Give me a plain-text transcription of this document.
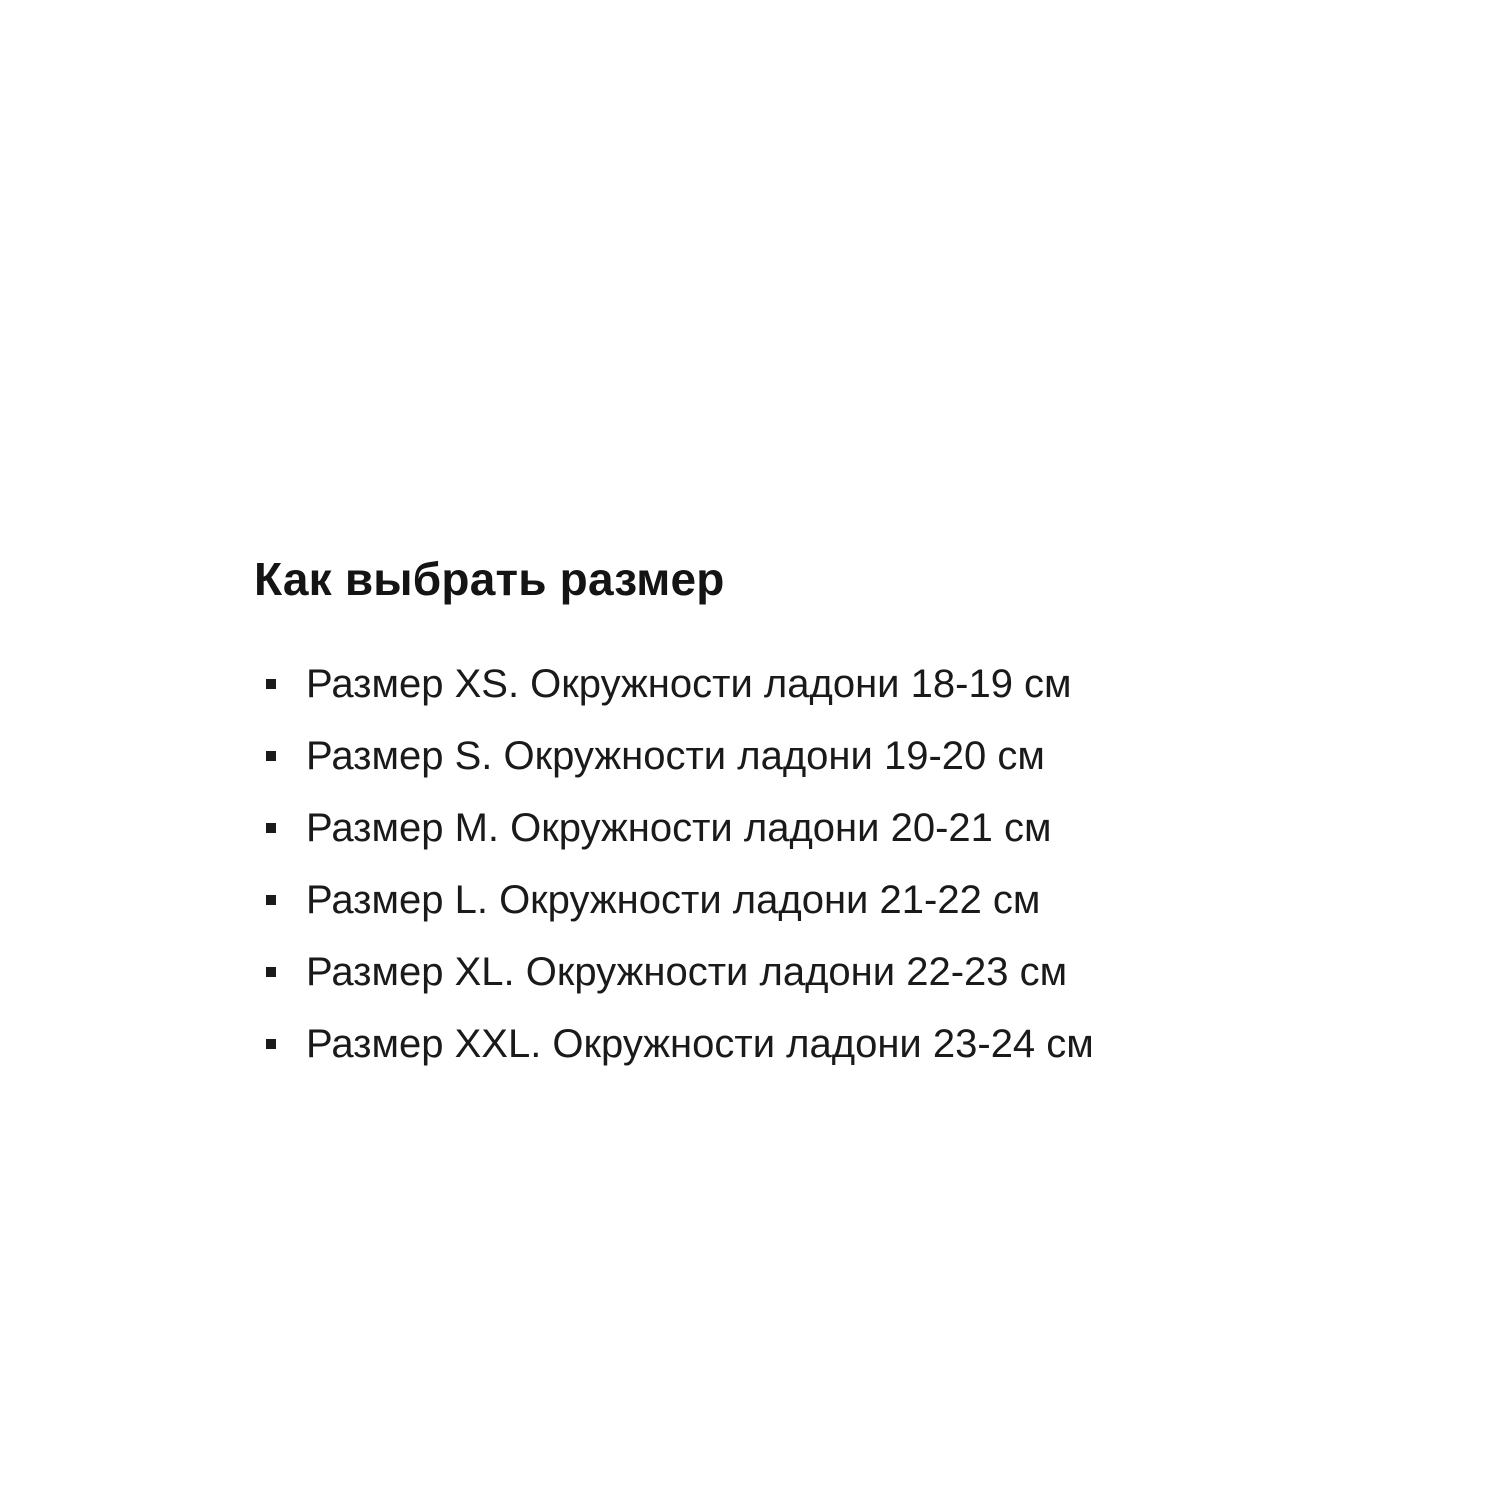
Как выбрать размер
Размер XS. Окружности ладони 18-19 см
Размер S. Окружности ладони 19-20 см
Размер M. Окружности ладони 20-21 см
Размер L. Окружности ладони 21-22 см
Размер XL. Окружности ладони 22-23 см
Размер XXL. Окружности ладони 23-24 см
